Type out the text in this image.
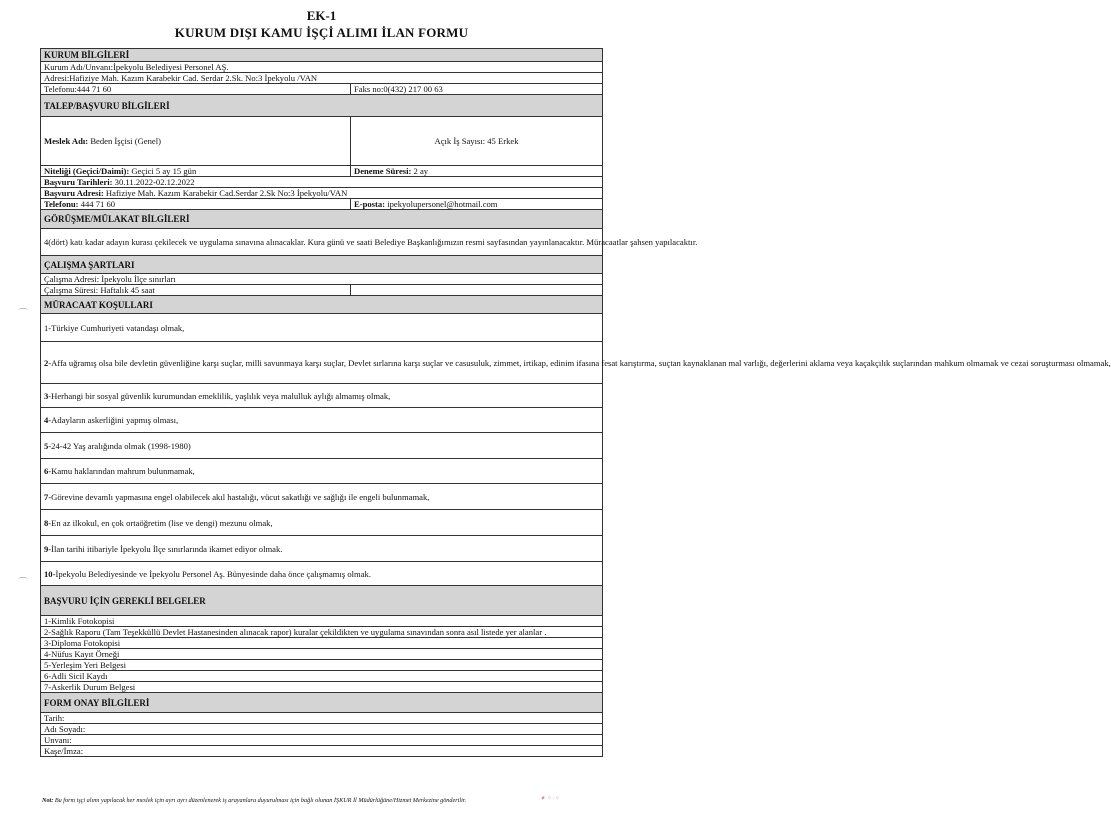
EK-1
KURUM DIŞI KAMU İŞÇİ ALIMI İLAN FORMU
⌒
⌒
KURUM BİLGİLERİ	
Kurum Adı/Unvanı:İpekyolu Belediyesi Personel AŞ.	
Adresi:Hafiziye Mah. Kazım Karabekir Cad. Serdar 2.Sk. No:3 İpekyolu /VAN	
Telefonu:444 71 60	Faks no:0(432) 217 00 63
TALEP/BAŞVURU BİLGİLERİ	
Meslek Adı: Beden İşçisi (Genel)	Açık İş Sayısı: 45 Erkek
Niteliği (Geçici/Daimi): Geçici 5 ay 15 gün	Deneme Süresi: 2 ay
Başvuru Tarihleri: 30.11.2022-02.12.2022	
Başvuru Adresi: Hafiziye Mah. Kazım Karabekir Cad.Serdar 2.Sk No:3 İpekyolu/VAN	
Telefonu: 444 71 60	E-posta: ipekyolupersonel@hotmail.com
GÖRÜŞME/MÜLAKAT BİLGİLERİ	
4(dört) katı kadar adayın kurası çekilecek ve uygulama sınavına alınacaklar. Kura günü ve saati Belediye Başkanlığımızın resmi sayfasından yayınlanacaktır. Müracaatlar şahsen yapılacaktır.	
ÇALIŞMA ŞARTLARI	
Çalışma Adresi: İpekyolu İlçe sınırları	
Çalışma Süresi: Haftalık 45 saat	
MÜRACAAT KOŞULLARI	
1-Türkiye Cumhuriyeti vatandaşı olmak,	
2-Affa uğramış olsa bile devletin güvenliğine karşı suçlar, milli savunmaya karşı suçlar, Devlet sırlarına karşı suçlar ve casusuluk, zimmet, irtikap, edinim ifasına fesat karıştırma, suçtan kaynaklanan mal varlığı, değerlerini aklama veya kaçakçılık suçlarından mahkum olmamak ve cezai soruşturması olmamak,	
3-Herhangi bir sosyal güvenlik kurumundan emeklilik, yaşlılık veya malulluk aylığı almamış olmak,	
4-Adayların askerliğini yapmış olması,	
5-24-42 Yaş aralığında olmak (1998-1980)	
6-Kamu haklarından mahrum bulunmamak,	
7-Görevine devamlı yapmasına engel olabilecek akıl hastalığı, vücut sakatlığı ve sağlığı ile engeli bulunmamak,	
8-En az ilkokul, en çok ortaöğretim (lise ve dengi) mezunu olmak,	
9-İlan tarihi itibariyle İpekyolu İlçe sınırlarında ikamet ediyor olmak.	
10-İpekyolu Belediyesinde ve İpekyolu Personel Aş. Bünyesinde daha önce çalışmamış olmak.	
BAŞVURU İÇİN GEREKLİ BELGELER	
1-Kimlik Fotokopisi	
2-Sağlık Raporu (Tam Teşekküllü Devlet Hastanesinden alınacak rapor) kuralar çekildikten ve uygulama sınavından sonra asıl listede yer alanlar .	
3-Diploma Fotokopisi	
4-Nüfus Kayıt Örneği	
5-Yerleşim Yeri Belgesi	
6-Adli Sicil Kaydı	
7-Askerlik Durum Belgesi	
FORM ONAY BİLGİLERİ	
Tarih:	
Adı Soyadı:	
Unvanı:	
Kaşe/İmza:	
Not: Bu form işçi alımı yapılacak her meslek için ayrı ayrı düzenlenerek iş arayanlara duyurulması için bağlı olunan İŞKUR İl Müdürlüğüne/Hizmet Merkezine gönderilir.	✶ ⁘ ·⁘
